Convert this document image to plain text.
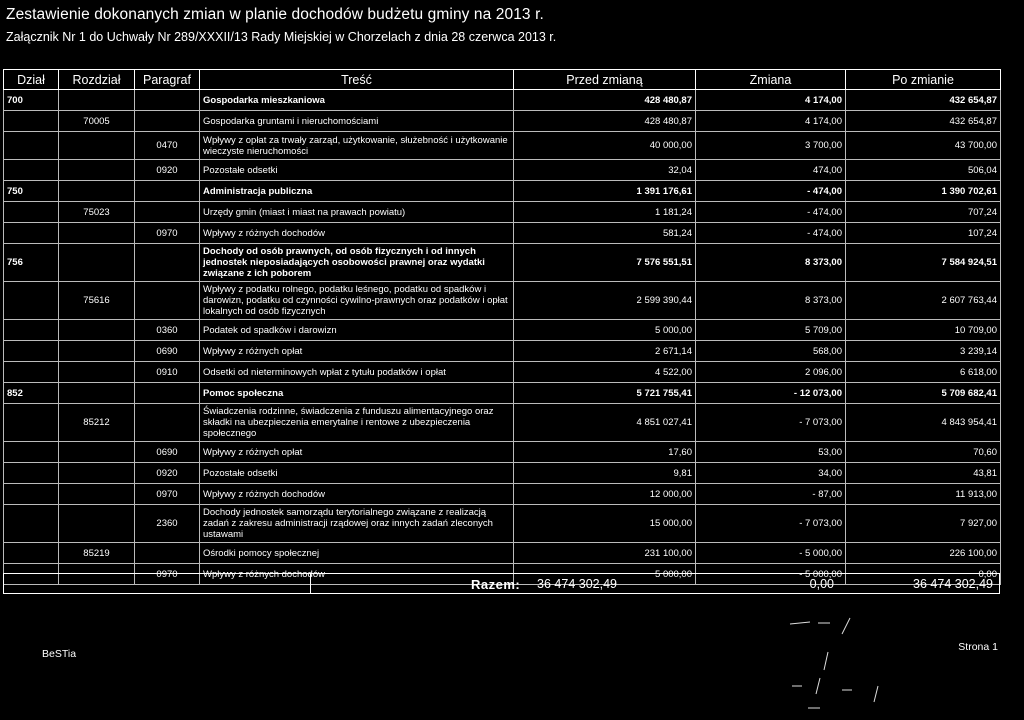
Zestawienie dokonanych zmian w planie dochodów budżetu gminy na 2013 r.
Załącznik Nr 1 do Uchwały Nr 289/XXXII/13 Rady Miejskiej w Chorzelach z dnia 28 czerwca 2013 r.
Dział	Rozdział	Paragraf	Treść	Przed zmianą	Zmiana	Po zmianie
700			Gospodarka mieszkaniowa	428 480,87	4 174,00	432 654,87
	70005		Gospodarka gruntami i nieruchomościami	428 480,87	4 174,00	432 654,87
		0470	Wpływy z opłat za trwały zarząd, użytkowanie, służebność i użytkowanie wieczyste nieruchomości	40 000,00	3 700,00	43 700,00
		0920	Pozostałe odsetki	32,04	474,00	506,04
750			Administracja publiczna	1 391 176,61	- 474,00	1 390 702,61
	75023		Urzędy gmin (miast i miast na prawach powiatu)	1 181,24	- 474,00	707,24
		0970	Wpływy z różnych dochodów	581,24	- 474,00	107,24
756			Dochody od osób prawnych, od osób fizycznych i od innych jednostek nieposiadających osobowości prawnej oraz wydatki związane z ich poborem	7 576 551,51	8 373,00	7 584 924,51
	75616		Wpływy z podatku rolnego, podatku leśnego, podatku od spadków i darowizn, podatku od czynności cywilno-prawnych oraz podatków i opłat lokalnych od osób fizycznych	2 599 390,44	8 373,00	2 607 763,44
		0360	Podatek od spadków i darowizn	5 000,00	5 709,00	10 709,00
		0690	Wpływy z różnych opłat	2 671,14	568,00	3 239,14
		0910	Odsetki od nieterminowych wpłat z tytułu podatków i opłat	4 522,00	2 096,00	6 618,00
852			Pomoc społeczna	5 721 755,41	- 12 073,00	5 709 682,41
	85212		Świadczenia rodzinne, świadczenia z funduszu alimentacyjnego oraz składki na ubezpieczenia emerytalne i rentowe z ubezpieczenia społecznego	4 851 027,41	- 7 073,00	4 843 954,41
		0690	Wpływy z różnych opłat	17,60	53,00	70,60
		0920	Pozostałe odsetki	9,81	34,00	43,81
		0970	Wpływy z różnych dochodów	12 000,00	- 87,00	11 913,00
		2360	Dochody jednostek samorządu terytorialnego związane z realizacją zadań z zakresu administracji rządowej oraz innych zadań zleconych ustawami	15 000,00	- 7 073,00	7 927,00
	85219		Ośrodki pomocy społecznej	231 100,00	- 5 000,00	226 100,00
		0970	Wpływy z różnych dochodów	5 000,00	- 5 000,00	0,00
Razem: 36 474 302,49	0,00	36 474 302,49
BeSTia
Strona 1
